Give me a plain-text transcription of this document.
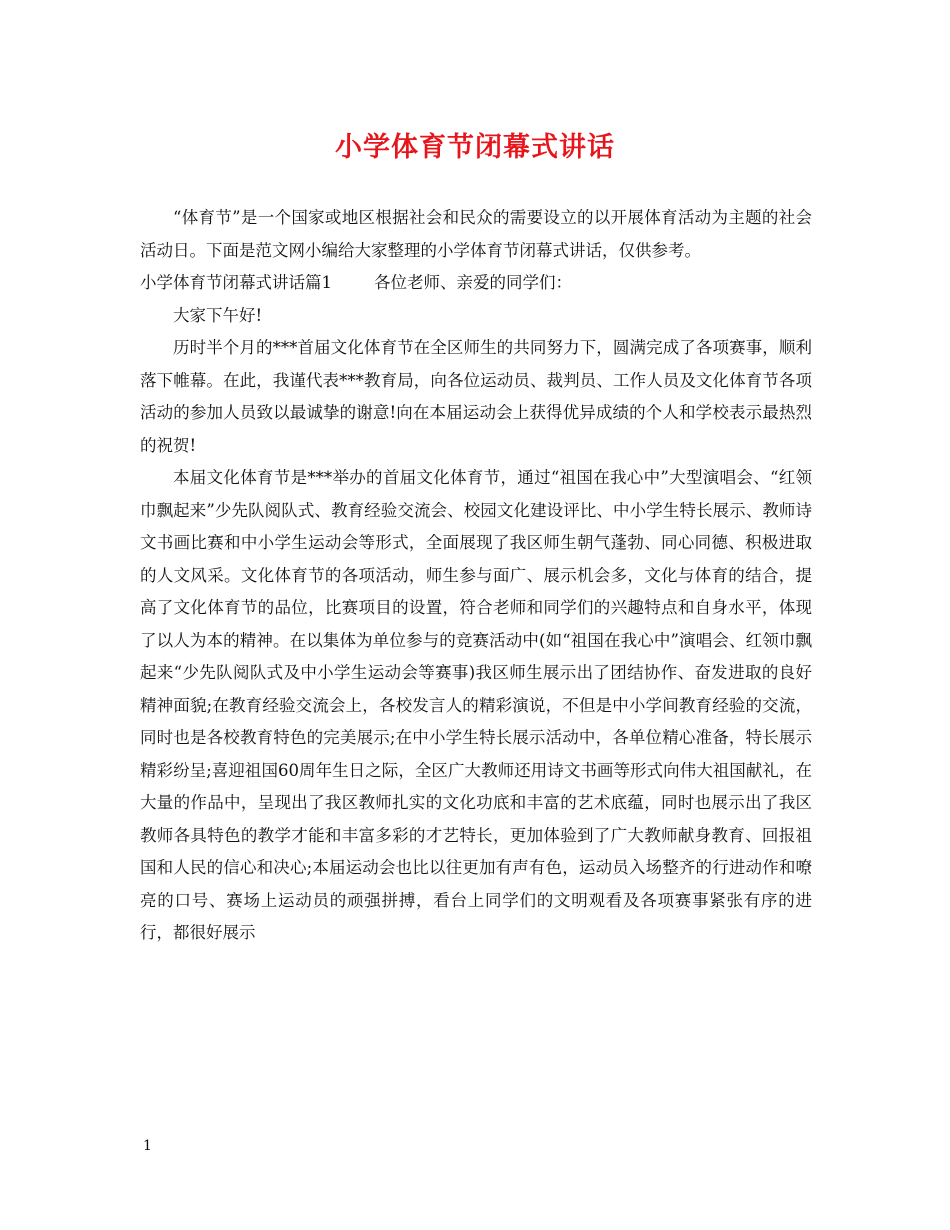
小学体育节闭幕式讲话

“体育节”是一个国家或地区根据社会和民众的需要设立的以开展体育活动为主题的社会活动日。下面是范文网小编给大家整理的小学体育节闭幕式讲话，仅供参考。

小学体育节闭幕式讲话篇1	各位老师、亲爱的同学们：

大家下午好!

历时半个月的***首届文化体育节在全区师生的共同努力下，圆满完成了各项赛事，顺利落下帷幕。在此，我谨代表***教育局，向各位运动员、裁判员、工作人员及文化体育节各项活动的参加人员致以最诚挚的谢意!向在本届运动会上获得优异成绩的个人和学校表示最热烈的祝贺!

本届文化体育节是***举办的首届文化体育节，通过“祖国在我心中”大型演唱会、“红领巾飘起来”少先队阅队式、教育经验交流会、校园文化建设评比、中小学生特长展示、教师诗文书画比赛和中小学生运动会等形式，全面展现了我区师生朝气蓬勃、同心同德、积极进取的人文风采。文化体育节的各项活动，师生参与面广、展示机会多，文化与体育的结合，提高了文化体育节的品位，比赛项目的设置，符合老师和同学们的兴趣特点和自身水平，体现了以人为本的精神。在以集体为单位参与的竞赛活动中(如“祖国在我心中”演唱会、红领巾飘起来“少先队阅队式及中小学生运动会等赛事)我区师生展示出了团结协作、奋发进取的良好精神面貌;在教育经验交流会上，各校发言人的精彩演说，不但是中小学间教育经验的交流，同时也是各校教育特色的完美展示;在中小学生特长展示活动中，各单位精心准备，特长展示精彩纷呈;喜迎祖国60周年生日之际，全区广大教师还用诗文书画等形式向伟大祖国献礼，在大量的作品中，呈现出了我区教师扎实的文化功底和丰富的艺术底蕴，同时也展示出了我区教师各具特色的教学才能和丰富多彩的才艺特长，更加体验到了广大教师献身教育、回报祖国和人民的信心和决心;本届运动会也比以往更加有声有色，运动员入场整齐的行进动作和嘹亮的口号、赛场上运动员的顽强拼搏，看台上同学们的文明观看及各项赛事紧张有序的进行，都很好展示

1
